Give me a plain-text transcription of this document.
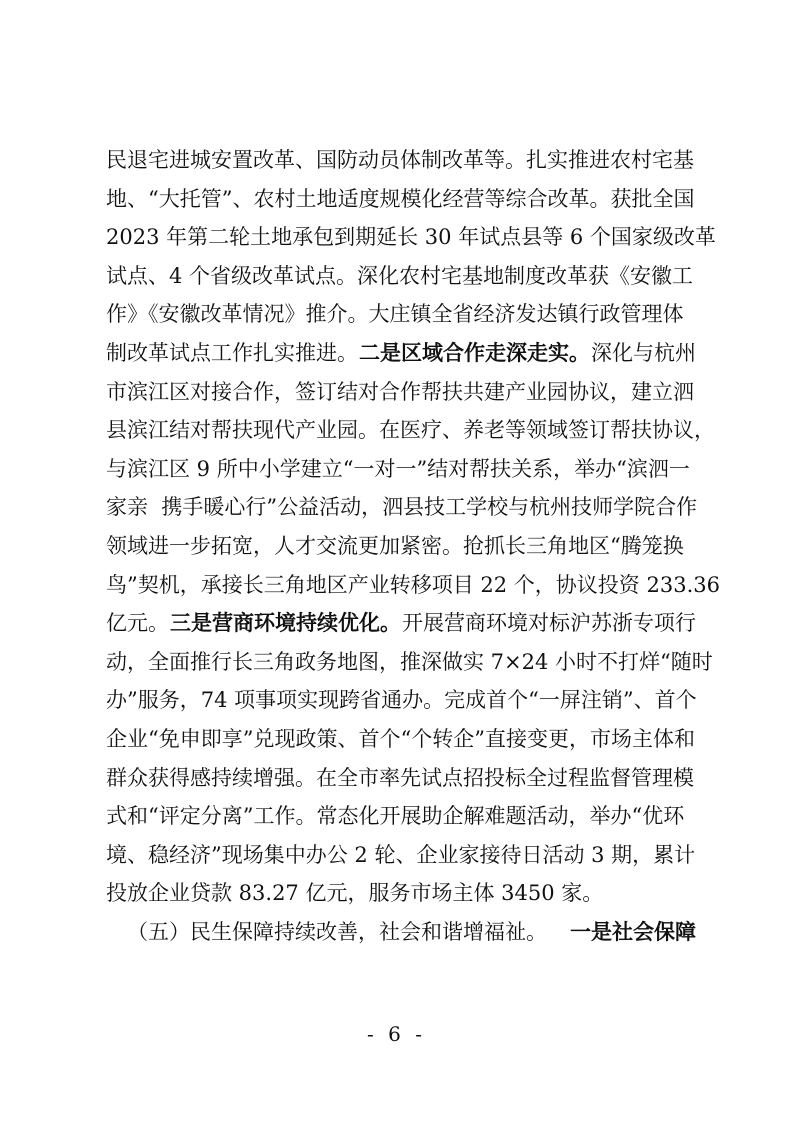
民退宅进城安置改革、国防动员体制改革等。扎实推进农村宅基
地、“大托管”、农村土地适度规模化经营等综合改革。获批全国
2023 年第二轮土地承包到期延长 30 年试点县等 6 个国家级改革
试点、4 个省级改革试点。深化农村宅基地制度改革获《安徽工
作》《安徽改革情况》推介。大庄镇全省经济发达镇行政管理体
制改革试点工作扎实推进。 二是区域合作走深走实。 深化与杭州
市滨江区对接合作，签订结对合作帮扶共建产业园协议，建立泗
县滨江结对帮扶现代产业园。在医疗、养老等领域签订帮扶协议，
与滨江区 9 所中小学建立“一对一”结对帮扶关系，举办“滨泗一
家亲  携手暖心行”公益活动，泗县技工学校与杭州技师学院合作
领域进一步拓宽，人才交流更加紧密。抢抓长三角地区“腾笼换
鸟”契机，承接长三角地区产业转移项目 22 个，协议投资 233.36
亿元。 三是营商环境持续优化。 开展营商环境对标沪苏浙专项行
动，全面推行长三角政务地图，推深做实 7×24 小时不打烊“随时
办”服务，74 项事项实现跨省通办。完成首个“一屏注销”、首个
企业“免申即享”兑现政策、首个“个转企”直接变更，市场主体和
群众获得感持续增强。在全市率先试点招投标全过程监督管理模
式和“评定分离”工作。常态化开展助企解难题活动，举办“优环
境、稳经济”现场集中办公 2 轮、企业家接待日活动 3 期，累计
投放企业贷款 83.27 亿元，服务市场主体 3450 家。
（五）民生保障持续改善，社会和谐增福祉。 一是社会保障
- 6 -
